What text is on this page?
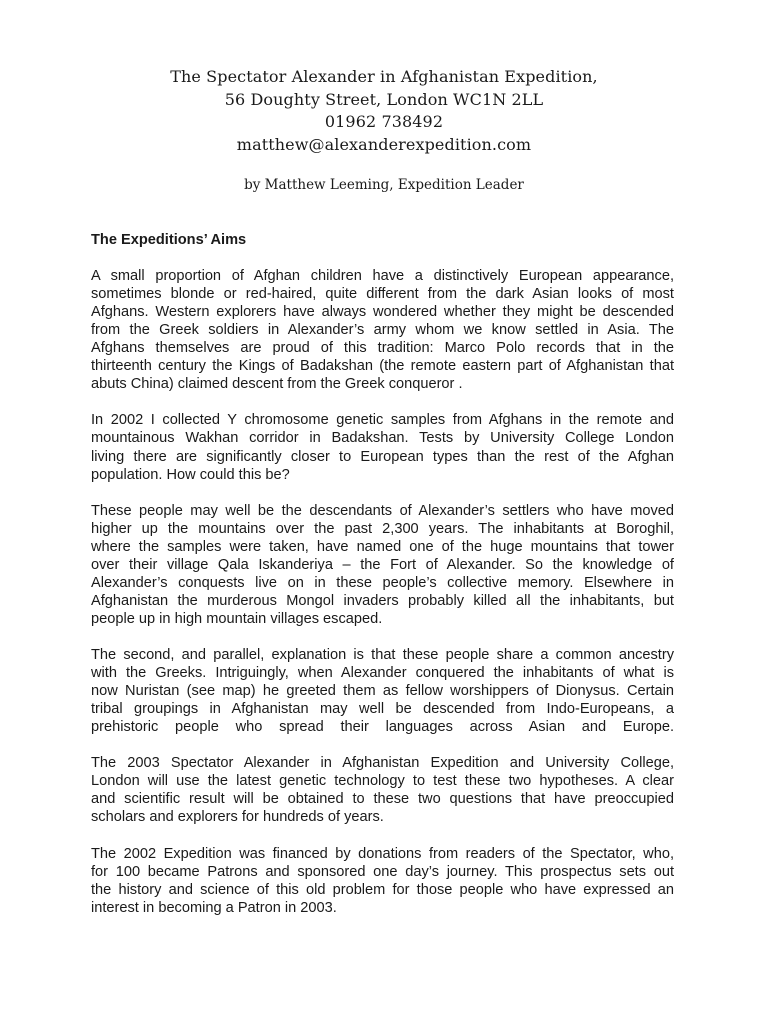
The Spectator Alexander in Afghanistan Expedition,
56 Doughty Street, London WC1N 2LL
01962 738492
matthew@alexanderexpedition.com
by Matthew Leeming, Expedition Leader
The Expeditions’ Aims
A small proportion of Afghan children have a distinctively European appearance,
sometimes blonde or red-haired, quite different from the dark Asian looks of most
Afghans. Western explorers have always wondered whether they might be descended
from the Greek soldiers in Alexander’s army whom we know settled in Asia. The
Afghans themselves are proud of this tradition: Marco Polo records that in the
thirteenth century the Kings of Badakshan (the remote eastern part of Afghanistan that
abuts China) claimed descent from the Greek conqueror .
In 2002 I collected Y chromosome genetic samples from Afghans in the remote and
mountainous Wakhan corridor in Badakshan. Tests by University College London
living there are significantly closer to European types than the rest of the Afghan
population. How could this be?
These people may well be the descendants of Alexander’s settlers who have moved
higher up the mountains over the past 2,300 years. The inhabitants at Boroghil,
where the samples were taken, have named one of the huge mountains that tower
over their village Qala Iskanderiya – the Fort of Alexander. So the knowledge of
Alexander’s conquests live on in these people’s collective memory. Elsewhere in
Afghanistan the murderous Mongol invaders probably killed all the inhabitants, but
people up in high mountain villages escaped.
The second, and parallel, explanation is that these people share a common ancestry
with the Greeks. Intriguingly, when Alexander conquered the inhabitants of what is
now Nuristan (see map) he greeted them as fellow worshippers of Dionysus. Certain
tribal groupings in Afghanistan may well be descended from Indo-Europeans, a
prehistoric people who spread their languages across Asian and Europe.
The 2003 Spectator Alexander in Afghanistan Expedition and University College,
London will use the latest genetic technology to test these two hypotheses. A clear
and scientific result will be obtained to these two questions that have preoccupied
scholars and explorers for hundreds of years.
The 2002 Expedition was financed by donations from readers of the Spectator, who,
for 100 became Patrons and sponsored one day’s journey. This prospectus sets out
the history and science of this old problem for those people who have expressed an
interest in becoming a Patron in 2003.
